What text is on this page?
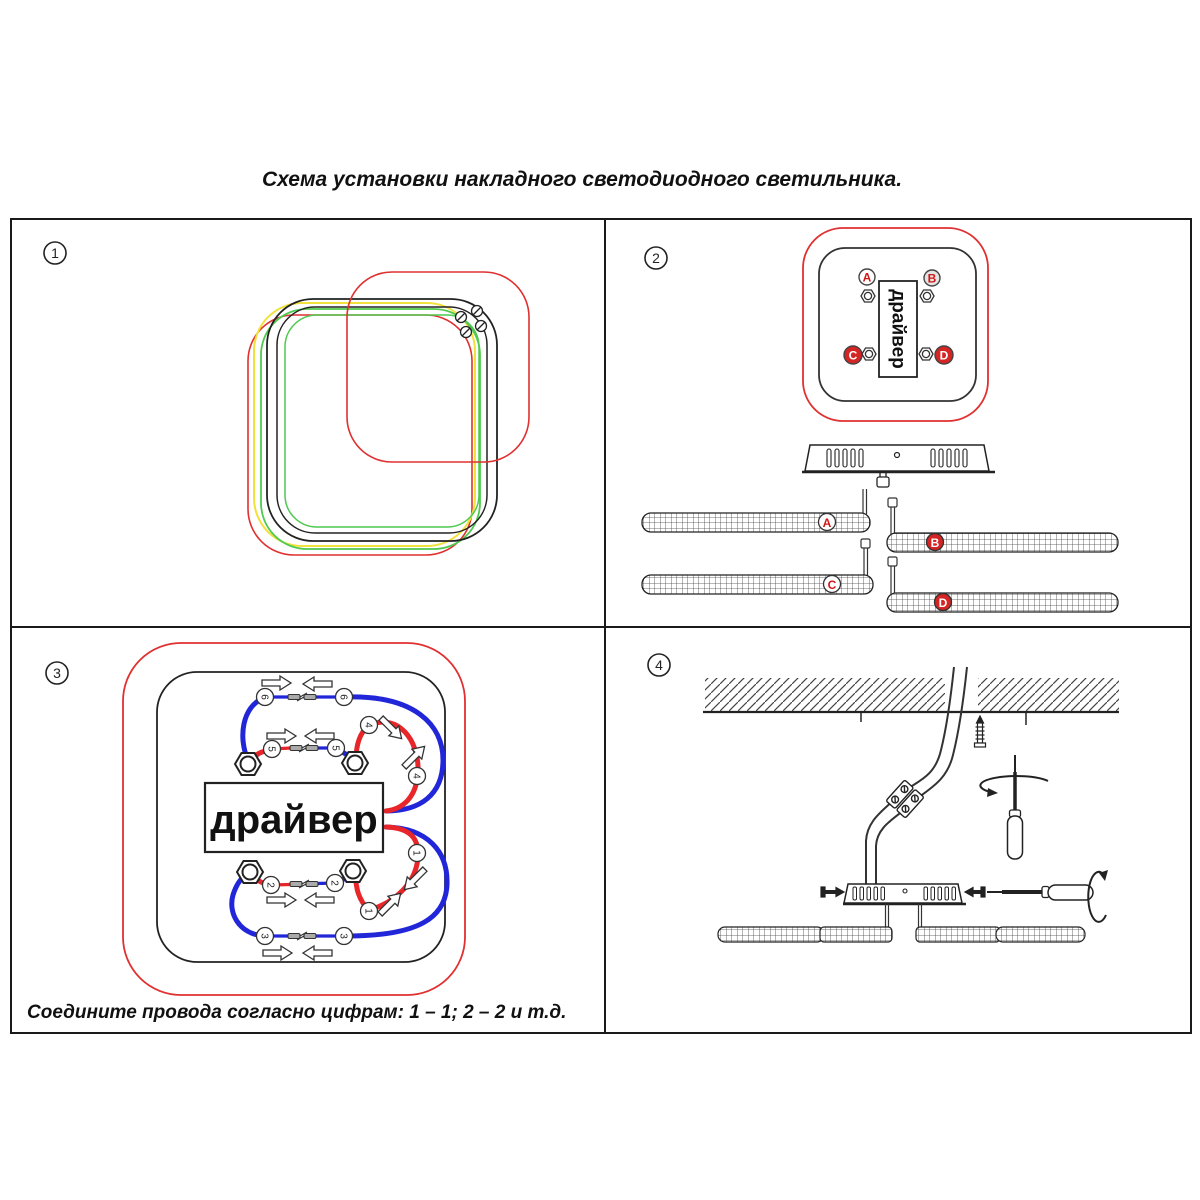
Схема установки накладного светодиодного светильника.
1	2
драйвер
A	B
C	D
A
B
C
D
3
6	6
5	5
4
4
1
1
2	2
3	3
драйвер
Соедините провода согласно цифрам: 1 – 1; 2 – 2 и т.д.
4
